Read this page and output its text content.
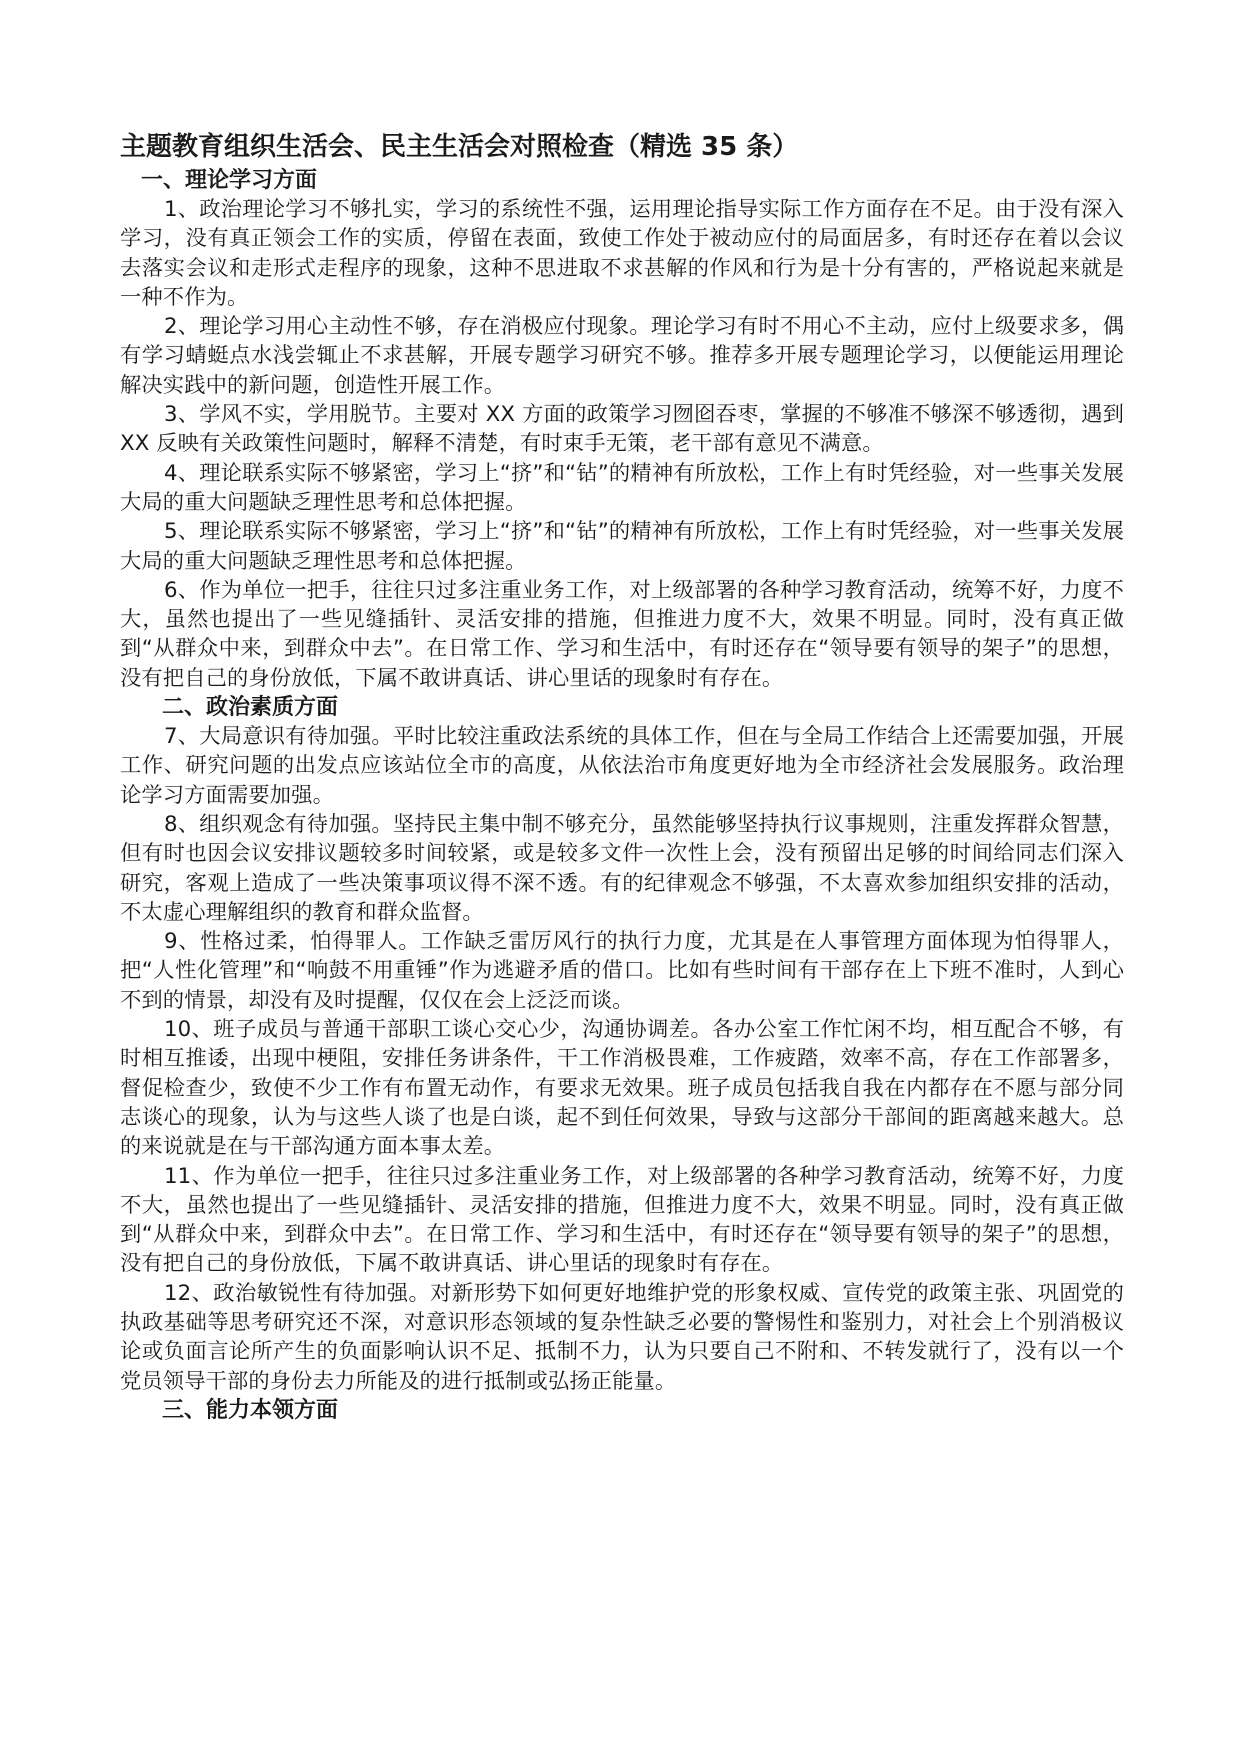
主题教育组织生活会、民主生活会对照检查（精选 35 条）
一、理论学习方面

1、政治理论学习不够扎实，学习的系统性不强，运用理论指导实际工作方面存在不足。由于没有深入学习，没有真正领会工作的实质，停留在表面，致使工作处于被动应付的局面居多，有时还存在着以会议去落实会议和走形式走程序的现象，这种不思进取不求甚解的作风和行为是十分有害的，严格说起来就是一种不作为。

2、理论学习用心主动性不够，存在消极应付现象。理论学习有时不用心不主动，应付上级要求多，偶有学习蜻蜓点水浅尝辄止不求甚解，开展专题学习研究不够。推荐多开展专题理论学习，以便能运用理论解决实践中的新问题，创造性开展工作。

3、学风不实，学用脱节。主要对 XX 方面的政策学习囫囵吞枣，掌握的不够准不够深不够透彻，遇到 XX 反映有关政策性问题时，解释不清楚，有时束手无策，老干部有意见不满意。

4、理论联系实际不够紧密，学习上“挤”和“钻”的精神有所放松，工作上有时凭经验，对一些事关发展大局的重大问题缺乏理性思考和总体把握。

5、理论联系实际不够紧密，学习上“挤”和“钻”的精神有所放松，工作上有时凭经验，对一些事关发展大局的重大问题缺乏理性思考和总体把握。

6、作为单位一把手，往往只过多注重业务工作，对上级部署的各种学习教育活动，统筹不好，力度不大，虽然也提出了一些见缝插针、灵活安排的措施，但推进力度不大，效果不明显。同时，没有真正做到“从群众中来，到群众中去”。在日常工作、学习和生活中，有时还存在“领导要有领导的架子”的思想，没有把自己的身份放低，下属不敢讲真话、讲心里话的现象时有存在。

二、政治素质方面

7、大局意识有待加强。平时比较注重政法系统的具体工作，但在与全局工作结合上还需要加强，开展工作、研究问题的出发点应该站位全市的高度，从依法治市角度更好地为全市经济社会发展服务。政治理论学习方面需要加强。

8、组织观念有待加强。坚持民主集中制不够充分，虽然能够坚持执行议事规则，注重发挥群众智慧，但有时也因会议安排议题较多时间较紧，或是较多文件一次性上会，没有预留出足够的时间给同志们深入研究，客观上造成了一些决策事项议得不深不透。有的纪律观念不够强，不太喜欢参加组织安排的活动，不太虚心理解组织的教育和群众监督。

9、性格过柔，怕得罪人。工作缺乏雷厉风行的执行力度，尤其是在人事管理方面体现为怕得罪人，把“人性化管理”和“响鼓不用重锤”作为逃避矛盾的借口。比如有些时间有干部存在上下班不准时，人到心不到的情景，却没有及时提醒，仅仅在会上泛泛而谈。

10、班子成员与普通干部职工谈心交心少，沟通协调差。各办公室工作忙闲不均，相互配合不够，有时相互推诿，出现中梗阻，安排任务讲条件，干工作消极畏难，工作疲踏，效率不高，存在工作部署多，督促检查少，致使不少工作有布置无动作，有要求无效果。班子成员包括我自我在内都存在不愿与部分同志谈心的现象，认为与这些人谈了也是白谈，起不到任何效果，导致与这部分干部间的距离越来越大。总的来说就是在与干部沟通方面本事太差。

11、作为单位一把手，往往只过多注重业务工作，对上级部署的各种学习教育活动，统筹不好，力度不大，虽然也提出了一些见缝插针、灵活安排的措施，但推进力度不大，效果不明显。同时，没有真正做到“从群众中来，到群众中去”。在日常工作、学习和生活中，有时还存在“领导要有领导的架子”的思想，没有把自己的身份放低，下属不敢讲真话、讲心里话的现象时有存在。

12、政治敏锐性有待加强。对新形势下如何更好地维护党的形象权威、宣传党的政策主张、巩固党的执政基础等思考研究还不深，对意识形态领域的复杂性缺乏必要的警惕性和鉴别力，对社会上个别消极议论或负面言论所产生的负面影响认识不足、抵制不力，认为只要自己不附和、不转发就行了，没有以一个党员领导干部的身份去力所能及的进行抵制或弘扬正能量。

三、能力本领方面
